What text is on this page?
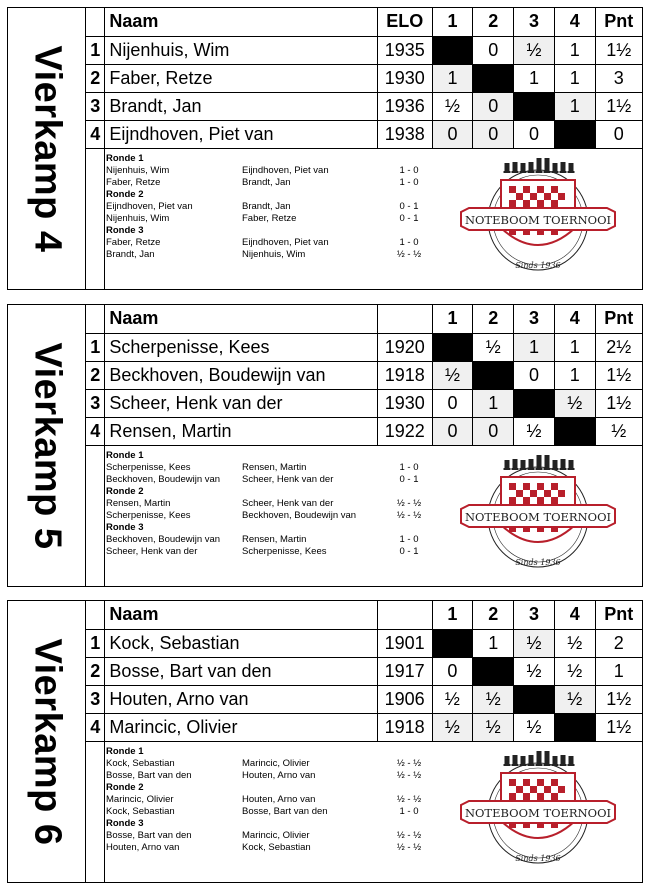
Vierkamp 4
	Naam	ELO	1	2	3	4	Pnt
1	Nijenhuis, Wim	1935		0	½	1	1½
2	Faber, Retze	1930	1		1	1	3
3	Brandt, Jan	1936	½	0		1	1½
4	Eijndhoven, Piet van	1938	0	0	0		0
Ronde 1
Nijenhuis, Wim	Eijndhoven, Piet van	1 - 0
Faber, Retze	Brandt, Jan	1 - 0
Ronde 2
Eijndhoven, Piet van	Brandt, Jan	0 - 1
Nijenhuis, Wim	Faber, Retze	0 - 1
Ronde 3
Faber, Retze	Eijndhoven, Piet van	1 - 0
Brandt, Jan	Nijenhuis, Wim	½ - ½
NOTEBOOM TOERNOOI
Sinds 1936
Vierkamp 5
	Naam		1	2	3	4	Pnt
1	Scherpenisse, Kees	1920		½	1	1	2½
2	Beckhoven, Boudewijn van	1918	½		0	1	1½
3	Scheer, Henk van der	1930	0	1		½	1½
4	Rensen, Martin	1922	0	0	½		½
Ronde 1
Scherpenisse, Kees	Rensen, Martin	1 - 0
Beckhoven, Boudewijn van	Scheer, Henk van der	0 - 1
Ronde 2
Rensen, Martin	Scheer, Henk van der	½ - ½
Scherpenisse, Kees	Beckhoven, Boudewijn van	½ - ½
Ronde 3
Beckhoven, Boudewijn van	Rensen, Martin	1 - 0
Scheer, Henk van der	Scherpenisse, Kees	0 - 1
NOTEBOOM TOERNOOI
Sinds 1936
Vierkamp 6
	Naam		1	2	3	4	Pnt
1	Kock, Sebastian	1901		1	½	½	2
2	Bosse, Bart van den	1917	0		½	½	1
3	Houten, Arno van	1906	½	½		½	1½
4	Marincic, Olivier	1918	½	½	½		1½
Ronde 1
Kock, Sebastian	Marincic, Olivier	½ - ½
Bosse, Bart van den	Houten, Arno van	½ - ½
Ronde 2
Marincic, Olivier	Houten, Arno van	½ - ½
Kock, Sebastian	Bosse, Bart van den	1 - 0
Ronde 3
Bosse, Bart van den	Marincic, Olivier	½ - ½
Houten, Arno van	Kock, Sebastian	½ - ½
NOTEBOOM TOERNOOI
Sinds 1936
